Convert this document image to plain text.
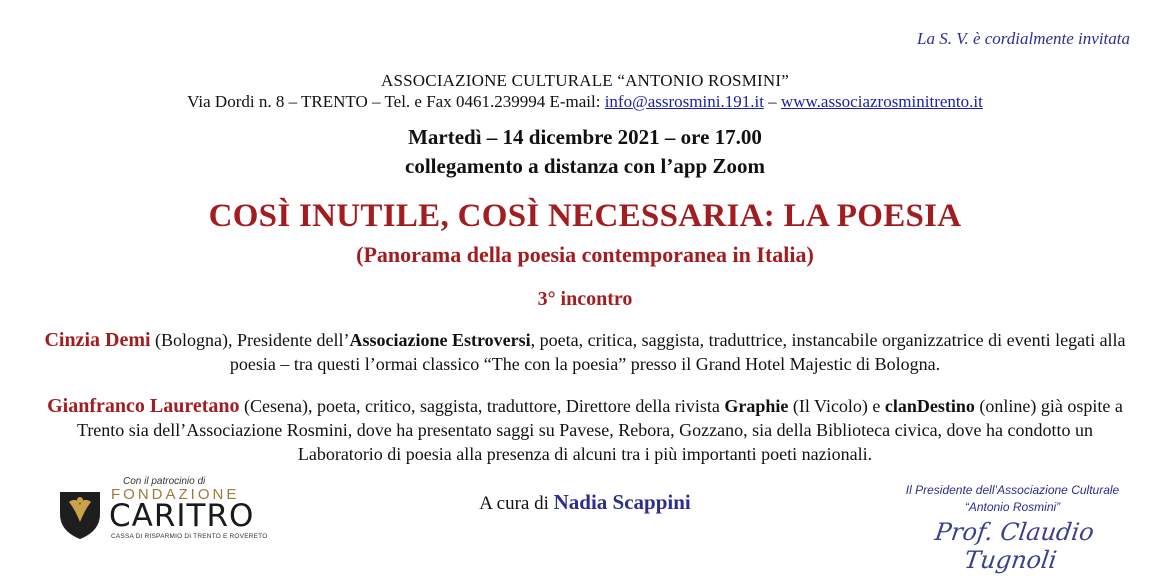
La S. V. è cordialmente invitata
ASSOCIAZIONE CULTURALE “ANTONIO ROSMINI”
Via Dordi n. 8 – TRENTO – Tel. e Fax 0461.239994 E-mail: info@assrosmini.191.it – www.associazrosminitrento.it
Martedì – 14 dicembre 2021 – ore 17.00
collegamento a distanza con l’app Zoom
COSÌ INUTILE, COSÌ NECESSARIA: LA POESIA
(Panorama della poesia contemporanea in Italia)
3° incontro
Cinzia Demi (Bologna), Presidente dell’Associazione Estroversi, poeta, critica, saggista, traduttrice, instancabile organizzatrice di eventi legati alla poesia – tra questi l’ormai classico “The con la poesia” presso il Grand Hotel Majestic di Bologna.
Gianfranco Lauretano (Cesena), poeta, critico, saggista, traduttore, Direttore della rivista Graphie (Il Vicolo) e clanDestino (online) già ospite a Trento sia dell’Associazione Rosmini, dove ha presentato saggi su Pavese, Rebora, Gozzano, sia della Biblioteca civica, dove ha condotto un Laboratorio di poesia alla presenza di alcuni tra i più importanti poeti nazionali.
A cura di Nadia Scappini
Con il patrocinio di
FONDAZIONE
CARITRO
CASSA DI RISPARMIO DI TRENTO E ROVERETO
Il Presidente dell’Associazione Culturale
“Antonio Rosmini”
Prof. Claudio Tugnoli
